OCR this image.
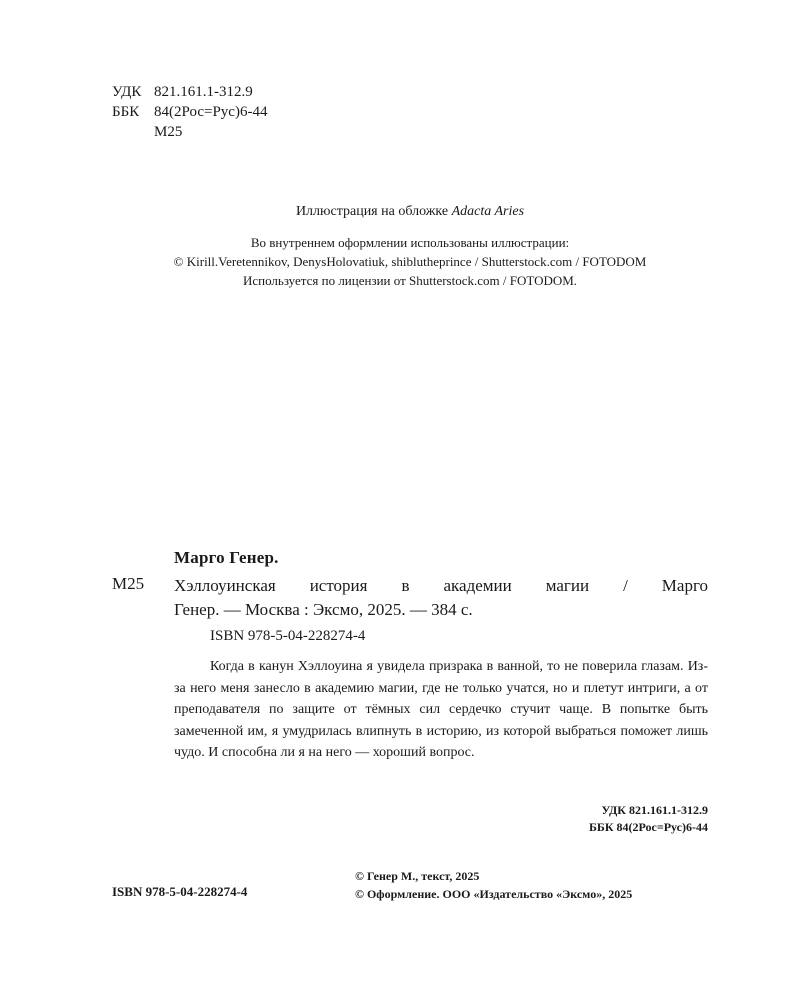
УДК 821.161.1-312.9
ББК 84(2Рос=Рус)6-44
М25
Иллюстрация на обложке Adacta Aries
Во внутреннем оформлении использованы иллюстрации:
© Kirill.Veretennikov, DenysHolovatiuk, shiblutheprince / Shutterstock.com / FOTODOM
Используется по лицензии от Shutterstock.com / FOTODOM.
Марго Генер.
М25 Хэллоуинская история в академии магии / Марго
Генер. — Москва : Эксмо, 2025. — 384 с.
ISBN 978-5-04-228274-4

Когда в канун Хэллоуина я увидела призрака в ванной, то не поверила глазам. Из-за него меня занесло в академию магии, где не только учатся, но и плетут интриги, а от преподавателя по защите от тёмных сил сердечко стучит чаще. В попытке быть замеченной им, я умудрилась влипнуть в историю, из которой выбраться поможет лишь чудо. И способна ли я на него — хороший вопрос.

УДК 821.161.1-312.9
ББК 84(2Рос=Рус)6-44
ISBN 978-5-04-228274-4
© Генер М., текст, 2025
© Оформление. ООО «Издательство «Эксмо», 2025
